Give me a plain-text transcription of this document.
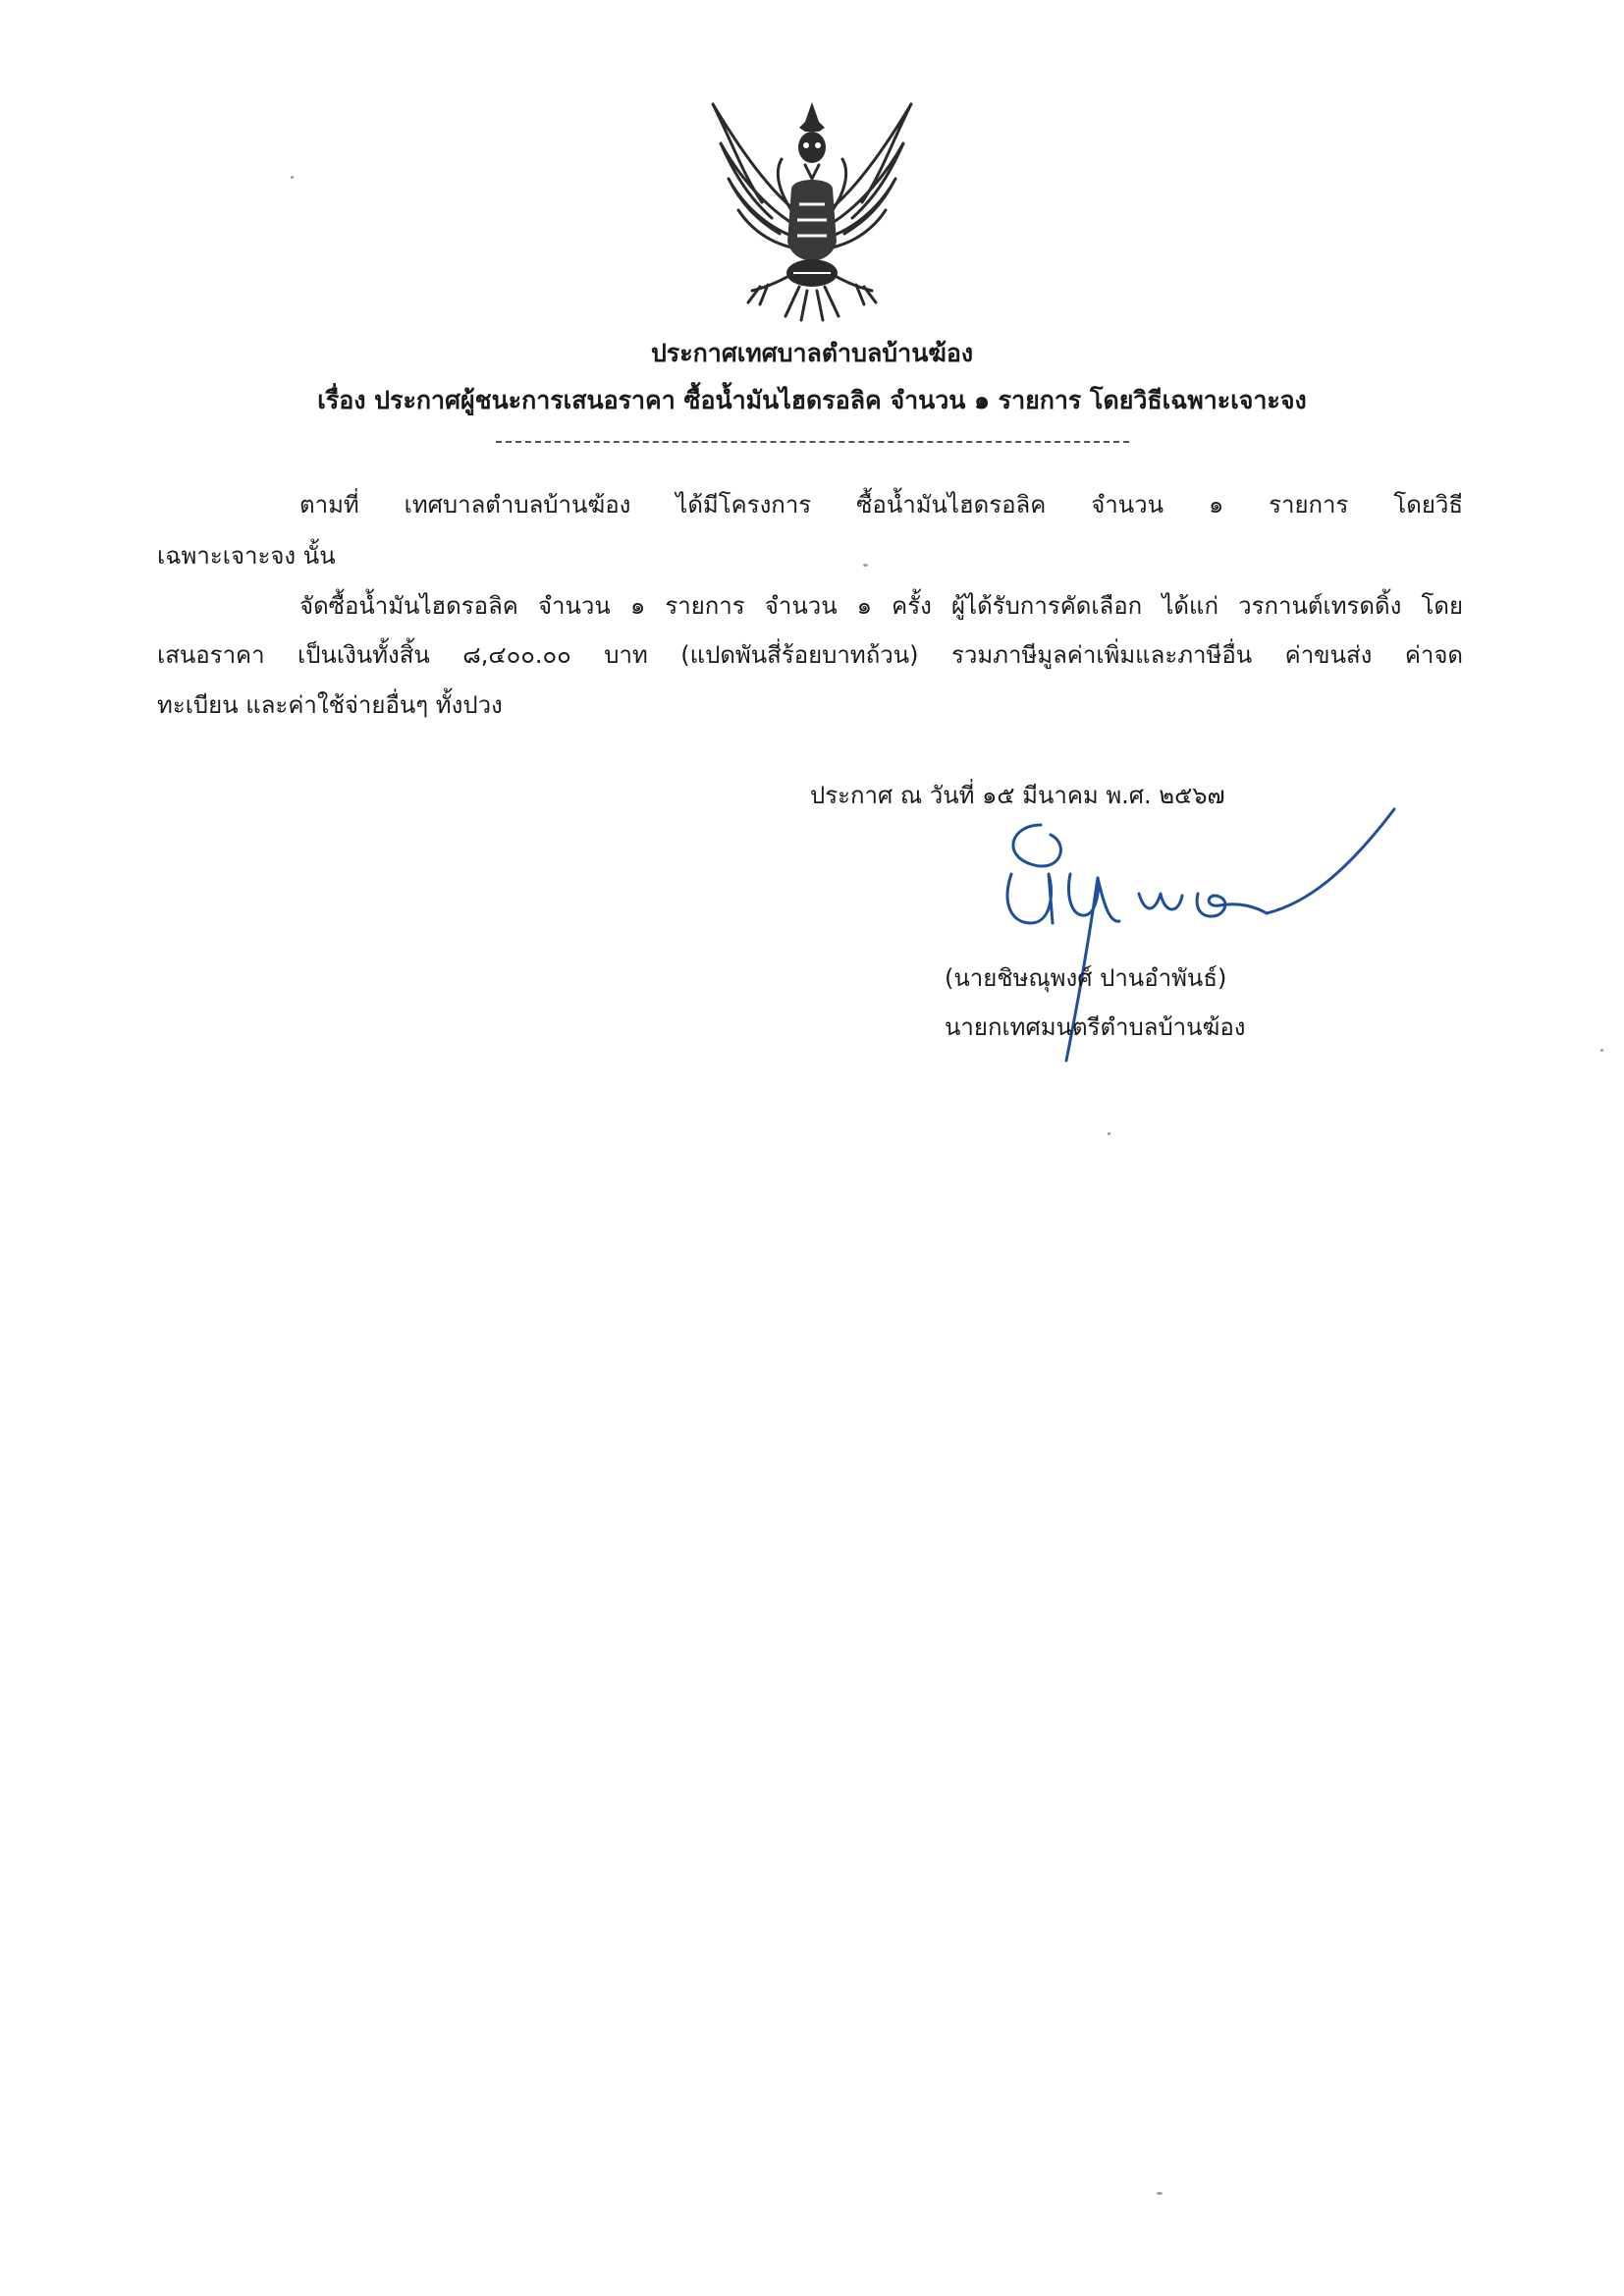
ประกาศเทศบาลตำบลบ้านฆ้อง
เรื่อง ประกาศผู้ชนะการเสนอราคา ซื้อน้ำมันไฮดรอลิค จำนวน ๑ รายการ โดยวิธีเฉพาะเจาะจง
ตามที่ เทศบาลตำบลบ้านฆ้อง ได้มีโครงการ ซื้อน้ำมันไฮดรอลิค จำนวน ๑ รายการ โดยวิธี
เฉพาะเจาะจง นั้น
จัดซื้อน้ำมันไฮดรอลิค จำนวน ๑ รายการ จำนวน ๑ ครั้ง ผู้ได้รับการคัดเลือก ได้แก่ วรกานต์เทรดดิ้ง โดย
เสนอราคา เป็นเงินทั้งสิ้น ๘,๔๐๐.๐๐ บาท (แปดพันสี่ร้อยบาทถ้วน) รวมภาษีมูลค่าเพิ่มและภาษีอื่น ค่าขนส่ง ค่าจด
ทะเบียน และค่าใช้จ่ายอื่นๆ ทั้งปวง
ประกาศ ณ วันที่ ๑๕ มีนาคม พ.ศ. ๒๕๖๗
(นายชิษณุพงศ์ ปานอำพันธ์)
นายกเทศมนตรีตำบลบ้านฆ้อง
